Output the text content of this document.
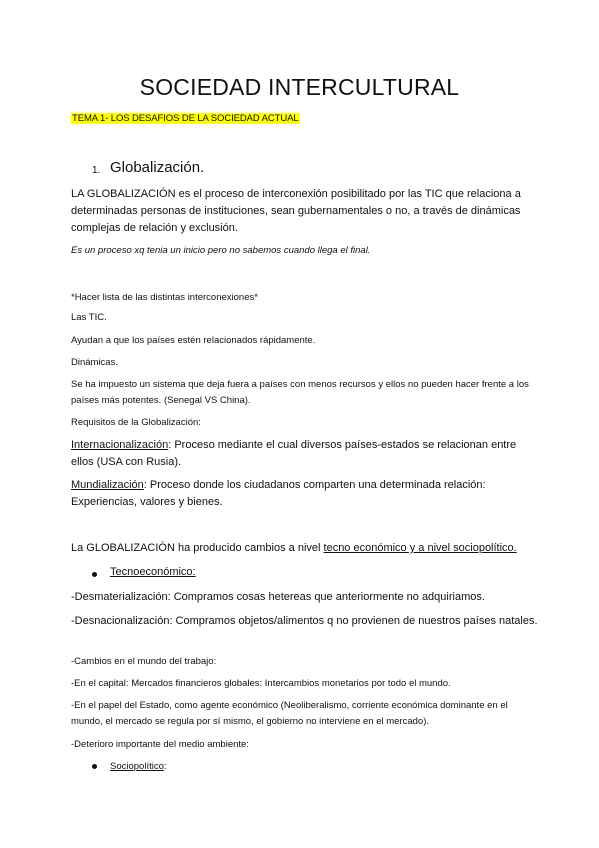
SOCIEDAD INTERCULTURAL
TEMA 1- LOS DESAFIOS DE LA SOCIEDAD ACTUAL
1. Globalización.

LA GLOBALIZACIÓN es el proceso de interconexión posibilitado por las TIC que relaciona a determinadas personas de instituciones, sean gubernamentales o no, a través de dinámicas complejas de relación y exclusión.

Es un proceso xq tenia un inicio pero no sabemos cuando llega el final.

*Hacer lista de las distintas interconexiones*

Las TIC.

Ayudan a que los países estén relacionados rápidamente.

Dinámicas.

Se ha impuesto un sistema que deja fuera a países con menos recursos y ellos no pueden hacer frente a los países más potentes. (Senegal VS China).

Requisitos de la Globalización:

Internacionalización: Proceso mediante el cual diversos países-estados se relacionan entre ellos (USA con Rusia).

Mundialización: Proceso donde los ciudadanos comparten una determinada relación: Experiencias, valores y bienes.

La GLOBALIZACIÓN ha producido cambios a nivel tecno económico y a nivel sociopolítico.

Tecnoeconómico:

-Desmaterialización: Compramos cosas hetereas que anteriormente no adquiriamos.

-Desnacionalización: Compramos objetos/alimentos q no provienen de nuestros países natales.

-Cambios en el mundo del trabajo:

-En el capital: Mercados financieros globales: Intercambios monetarios por todo el mundo.

-En el papel del Estado, como agente económico (Neoliberalismo, corriente económica dominante en el mundo, el mercado se regula por sí mismo, el gobierno no interviene en el mercado).

-Deterioro importante del medio ambiente:

Sociopolítico:
